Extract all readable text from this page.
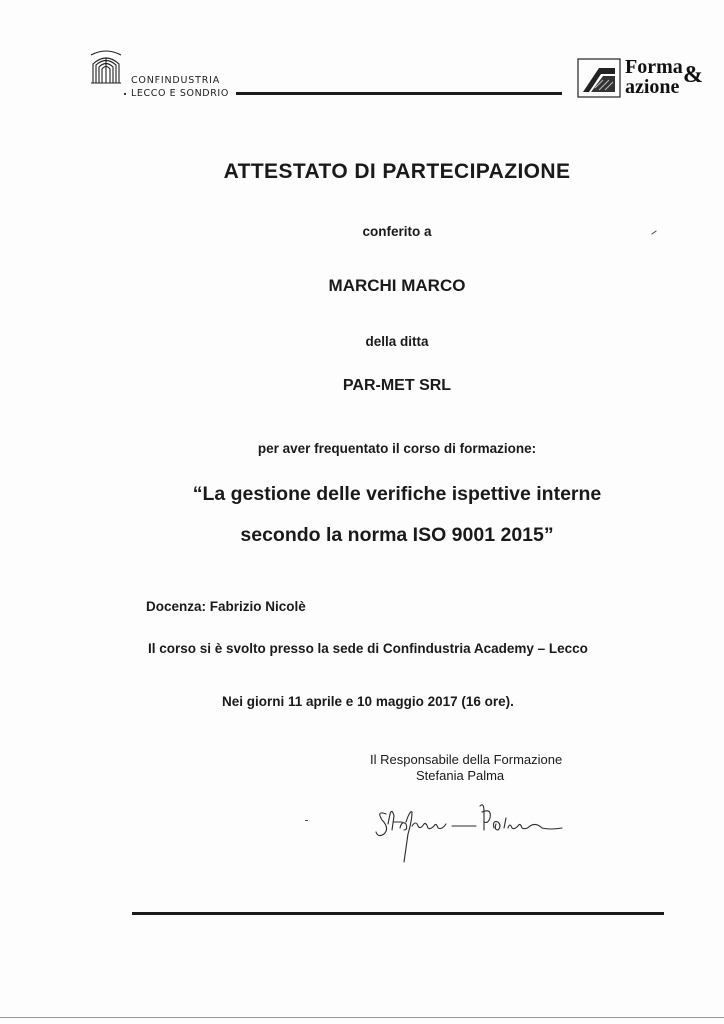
CONFINDUSTRIA
LECCO E SONDRIO
Forma
azione &
ATTESTATO DI PARTECIPAZIONE
conferito a
MARCHI MARCO
della ditta
PAR-MET SRL
per aver frequentato il corso di formazione:
“La gestione delle verifiche ispettive interne
secondo la norma ISO 9001 2015”
Docenza: Fabrizio Nicolè
Il corso si è svolto presso la sede di Confindustria Academy – Lecco
Nei giorni 11 aprile e 10 maggio 2017 (16 ore).
Il Responsabile della Formazione
Stefania Palma
